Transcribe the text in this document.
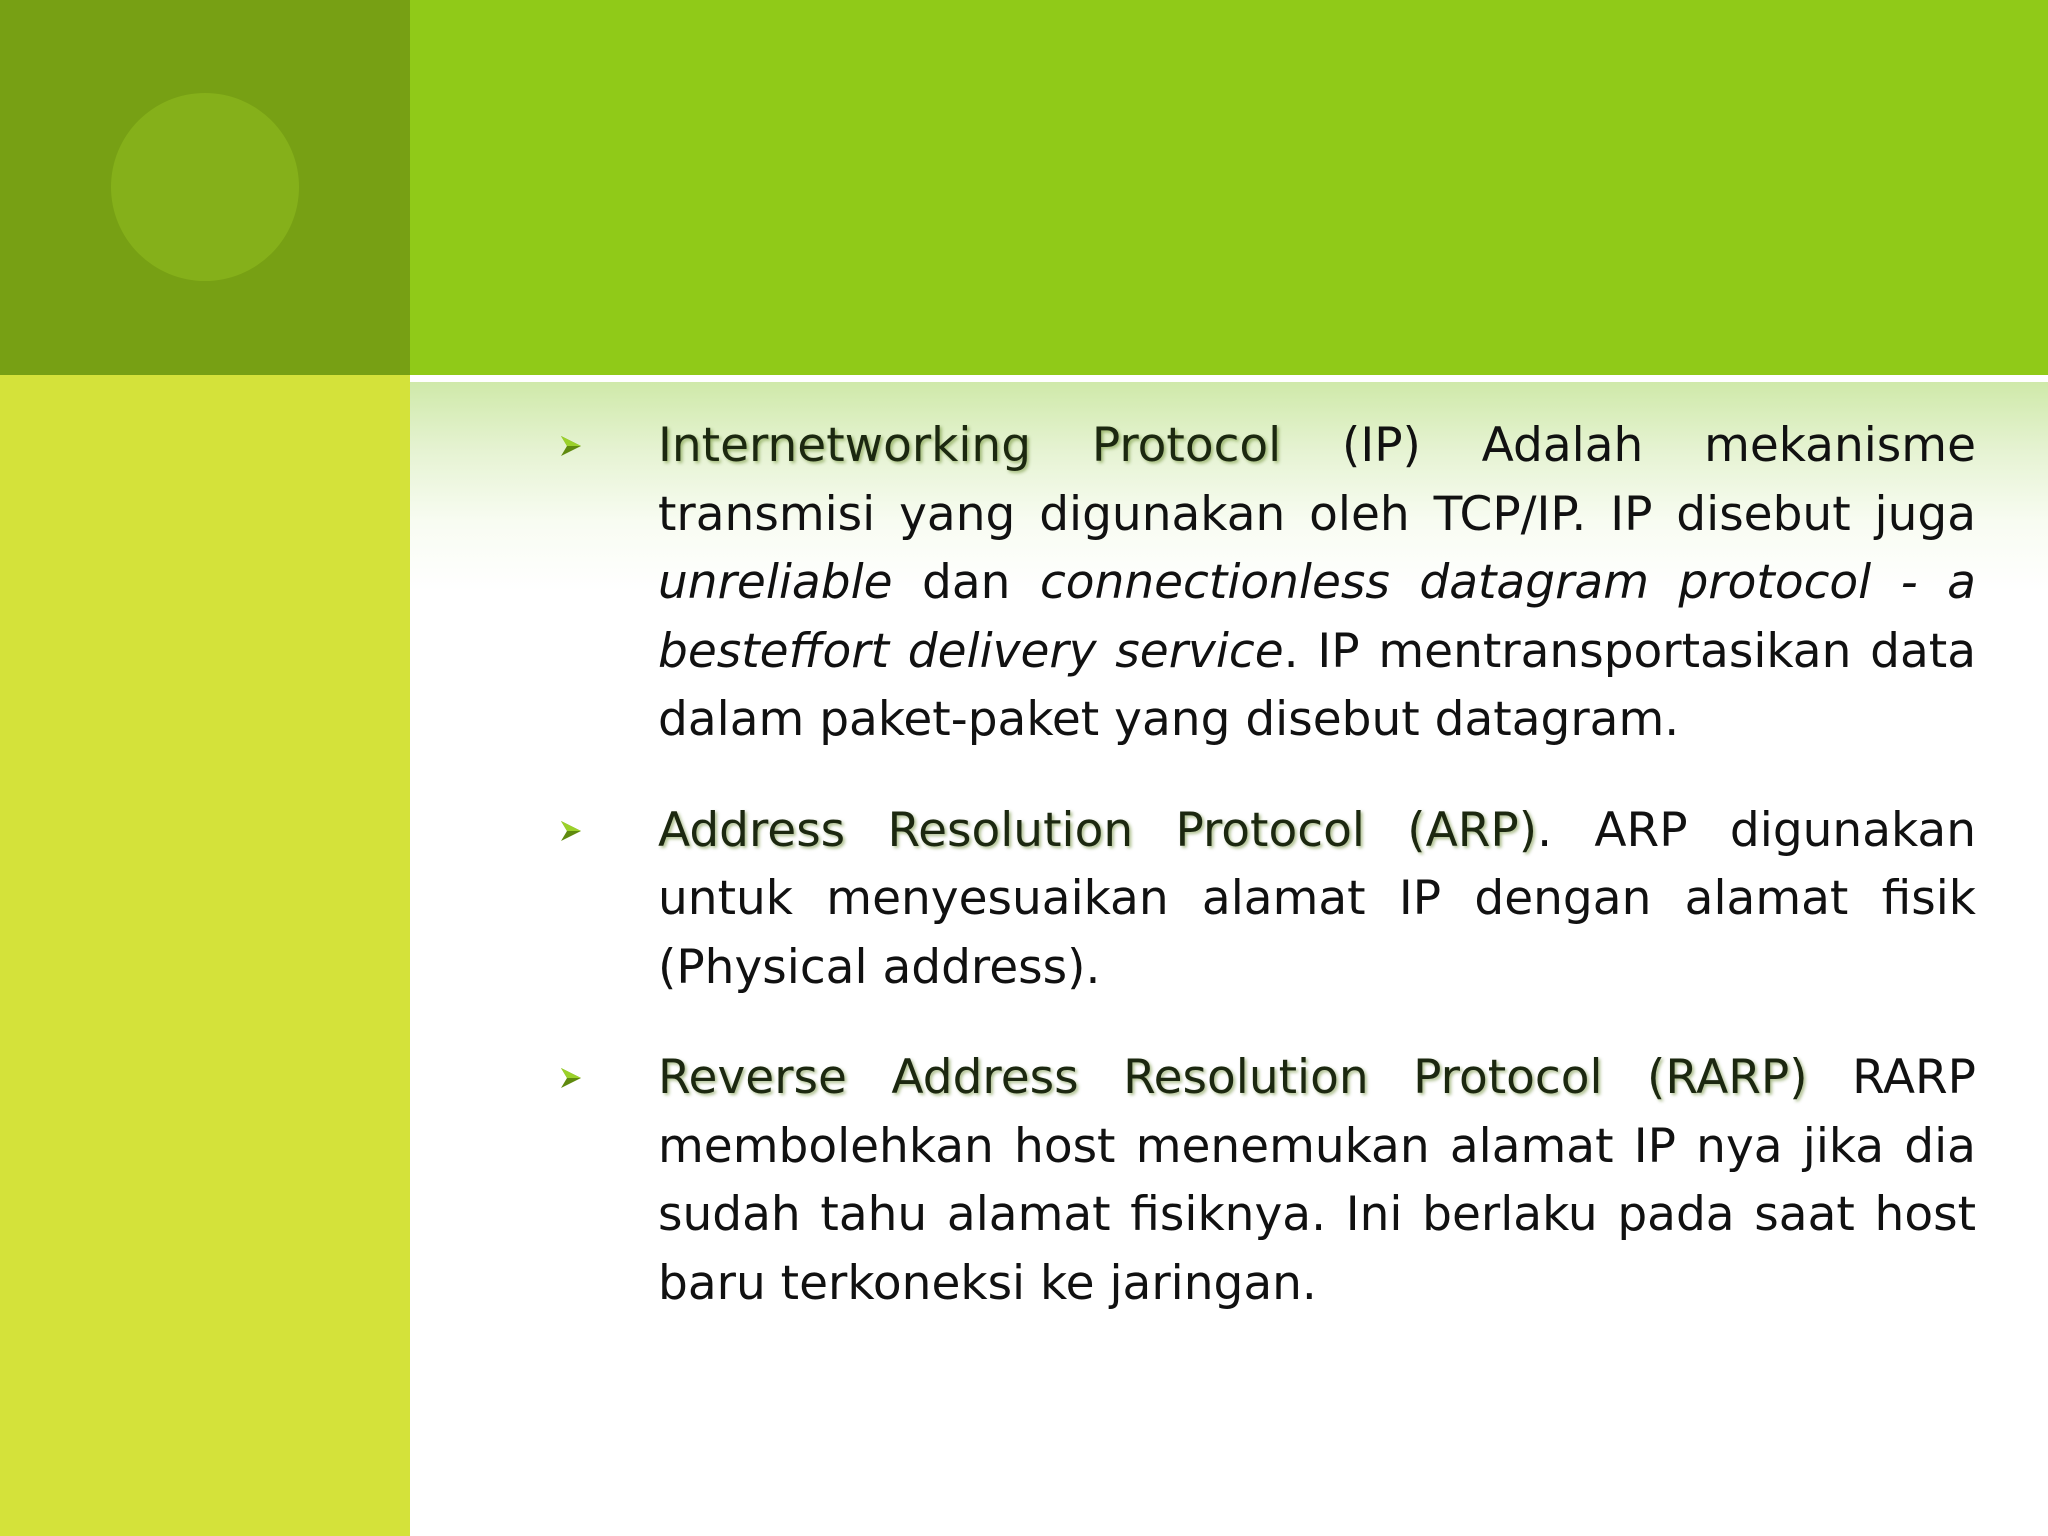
Internetworking Protocol (IP) Adalah mekanisme transmisi yang digunakan oleh TCP/IP. IP disebut juga unreliable dan connectionless datagram protocol - a besteffort delivery service. IP mentransportasikan data dalam paket-paket yang disebut datagram.
Address Resolution Protocol (ARP). ARP digunakan untuk menyesuaikan alamat IP dengan alamat fisik (Physical address).
Reverse Address Resolution Protocol (RARP) RARP membolehkan host menemukan alamat IP nya jika dia sudah tahu alamat fisiknya. Ini berlaku pada saat host baru terkoneksi ke jaringan.
